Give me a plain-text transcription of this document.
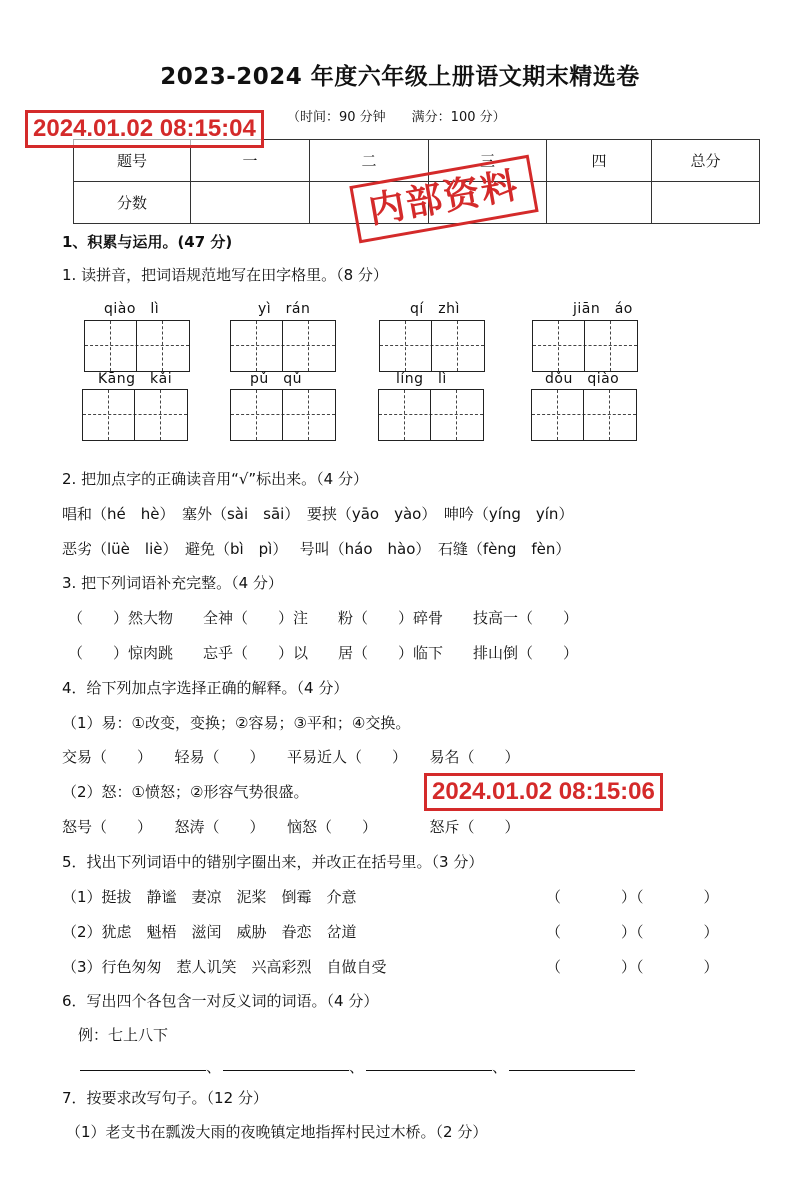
2023-2024 年度六年级上册语文期末精选卷
（时间：90 分钟　　满分：100 分）
题号	一	二	三	四	总分
分数					
2024.01.02 08:15:04
内部资料
1、积累与运用。(47 分)
1. 读拼音，把词语规范地写在田字格里。（8 分）
qiào　lì	yì　rán	qí　zhì	jiān　áo
Kāng　kǎi	pǔ　qǔ	líng　lì	dǒu　qiào
2. 把加点字的正确读音用“√”标出来。（4 分）
唱和（hé　hè）　塞外（sài　sāi）　要挟（yāo　yào）　呻吟（yíng　yín）
恶劣（lüè　liè）　避免（bì　pì）　 号叫（háo　hào）　石缝（fèng　fèn）
3. 把下列词语补充完整。（4 分）
（　　）然大物　　全神（　　）注　　粉（　　）碎骨　　技高一（　　）
（　　）惊肉跳　　忘乎（　　）以　　居（　　）临下　　排山倒（　　）
4．给下列加点字选择正确的解释。（4 分）
（1）易：①改变，变换；②容易；③平和；④交换。
交易（　　）　　轻易（　　）　　平易近人（　　）　　易名（　　）
（2）怒：①愤怒；②形容气势很盛。	2024.01.02 08:15:06
怒号（　　）　　怒涛（　　）　　恼怒（　　）　　　　怒斥（　　）
5．找出下列词语中的错别字圈出来，并改正在括号里。（3 分）
（1）挺拔　静谧　妻凉　泥桨　倒霉　介意	（　　　　）（　　　　）
（2）犹虑　魁梧　滋闰　威胁　眷恋　岔道	（　　　　）（　　　　）
（3）行色匆匆　惹人讥笑　兴高彩烈　自做自受	（　　　　）（　　　　）
6．写出四个各包含一对反义词的词语。（4 分）
例：七上八下
、	、	、
7．按要求改写句子。（12 分）
（1）老支书在瓢泼大雨的夜晚镇定地指挥村民过木桥。（2 分）
